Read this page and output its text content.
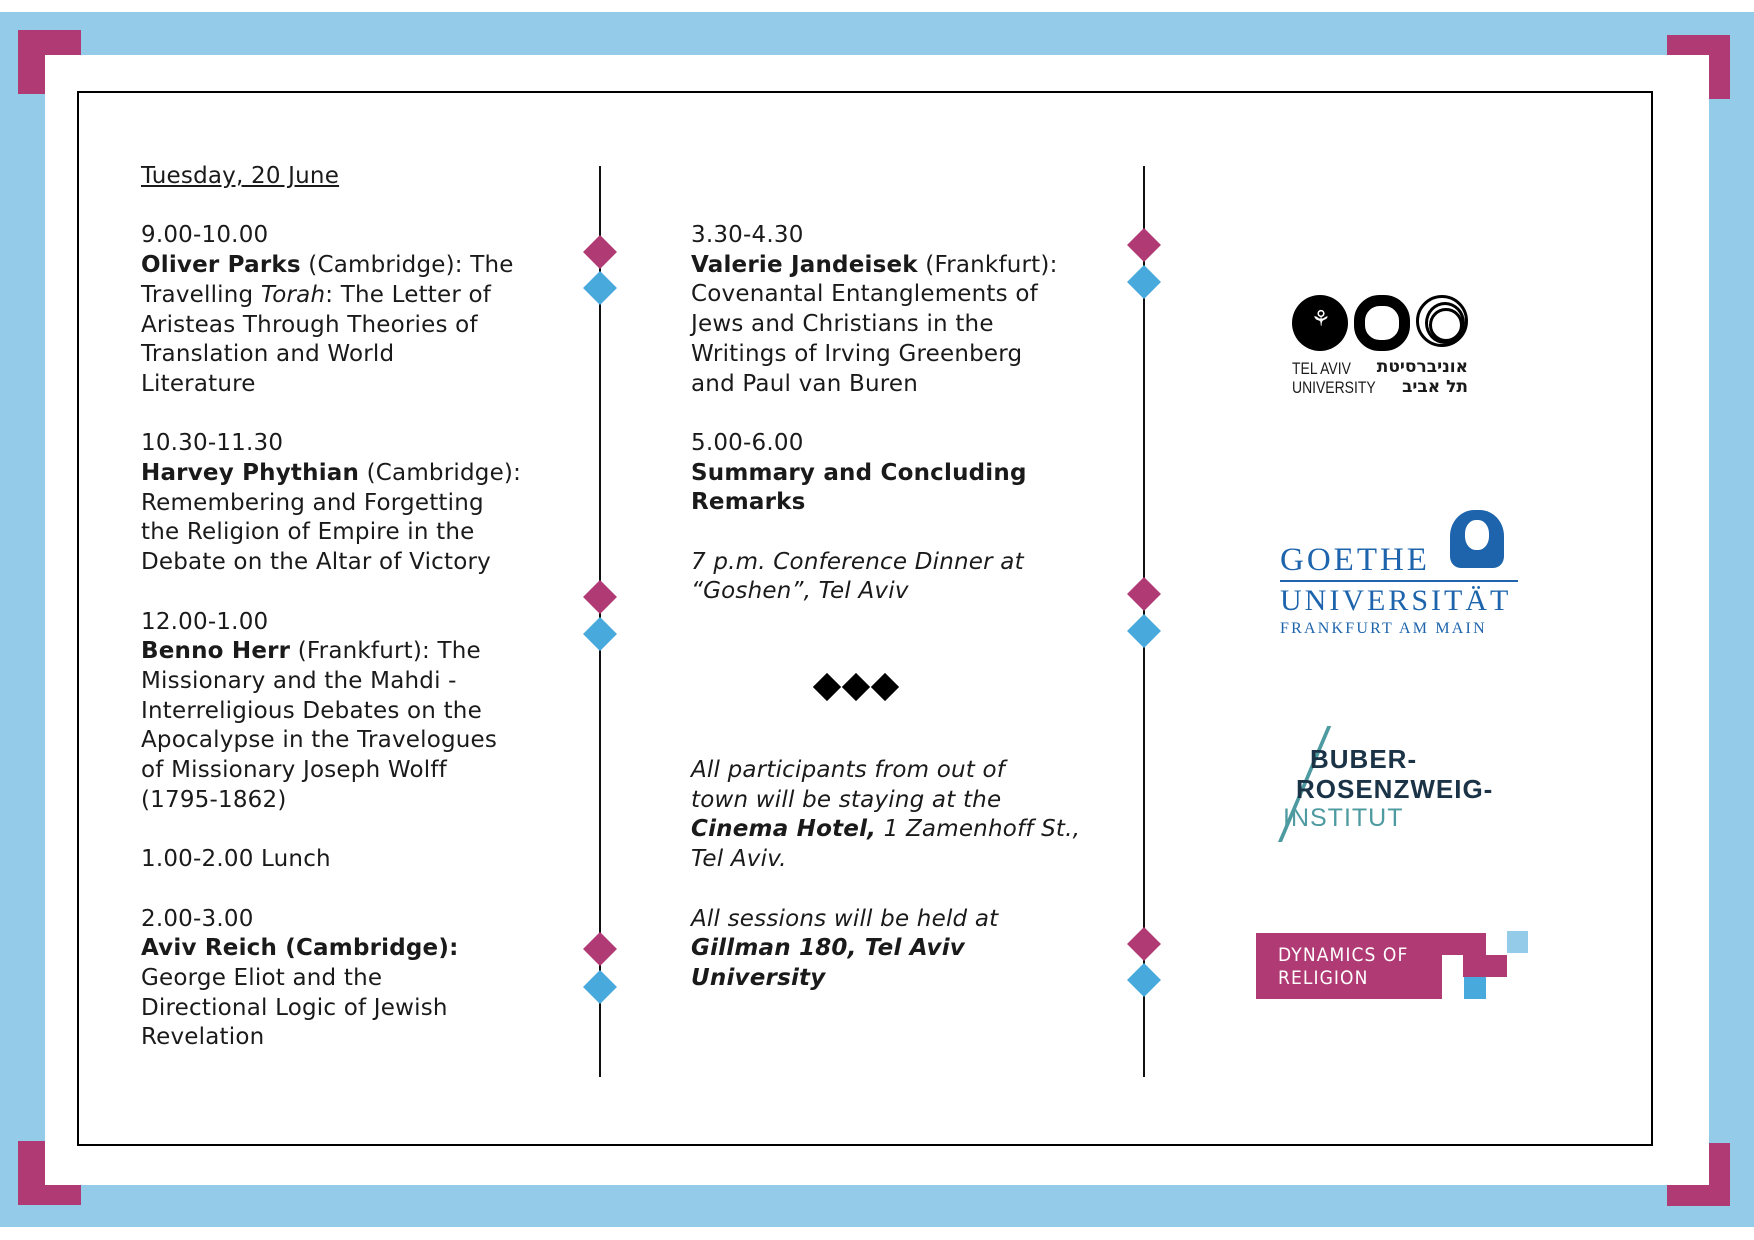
Tuesday, 20 June

9.00-10.00

Oliver Parks (Cambridge): The

Travelling Torah: The Letter of

Aristeas Through Theories of

Translation and World

Literature

10.30-11.30

Harvey Phythian (Cambridge):

Remembering and Forgetting

the Religion of Empire in the

Debate on the Altar of Victory

12.00-1.00

Benno Herr (Frankfurt): The

Missionary and the Mahdi -

Interreligious Debates on the

Apocalypse in the Travelogues

of Missionary Joseph Wolff

(1795-1862)

1.00-2.00 Lunch

2.00-3.00

Aviv Reich (Cambridge):

George Eliot and the

Directional Logic of Jewish

Revelation

3.30-4.30

Valerie Jandeisek (Frankfurt):

Covenantal Entanglements of

Jews and Christians in the

Writings of Irving Greenberg

and Paul van Buren

5.00-6.00

Summary and Concluding

Remarks

7 p.m. Conference Dinner at

“Goshen”, Tel Aviv

All participants from out of

town will be staying at the

Cinema Hotel, 1 Zamenhoff St.,

Tel Aviv.

All sessions will be held at

Gillman 180, Tel Aviv

University

⚘
TEL AVIV
UNIVERSITY
אוניברסיטת
תל אביב
GOETHE
UNIVERSITÄT
FRANKFURT AM MAIN
BUBER-
ROSENZWEIG-
INSTITUT
DYNAMICS OF
RELIGION
